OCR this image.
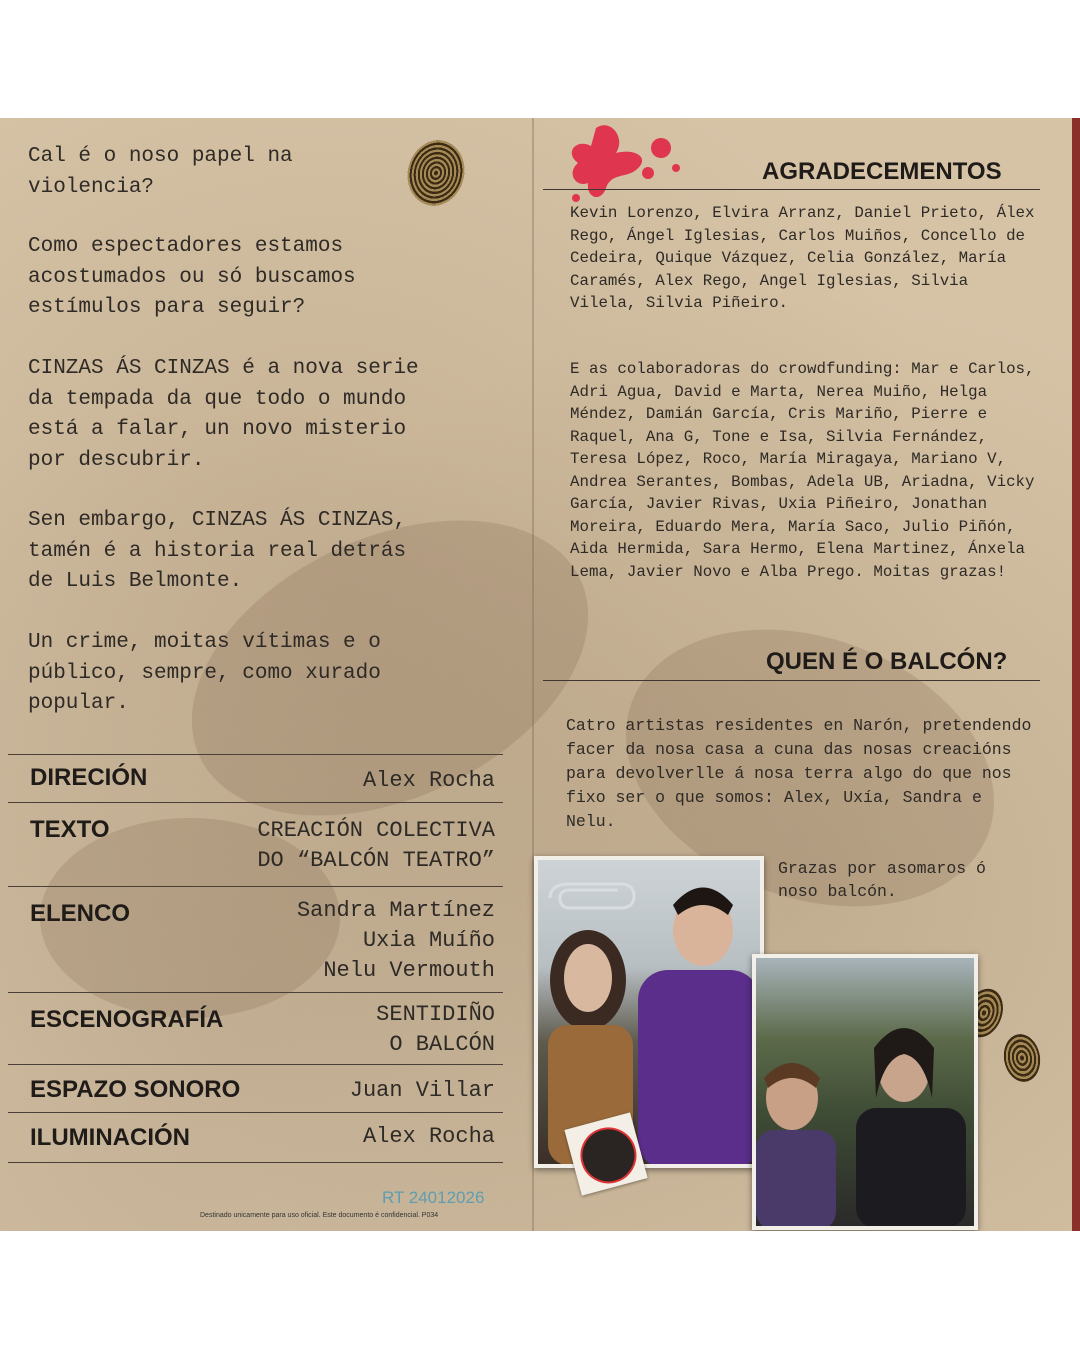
Cal é o noso papel na
violencia?

Como espectadores estamos
acostumados ou só buscamos
estímulos para seguir?

CINZAS ÁS CINZAS é a nova serie
da tempada da que todo o mundo
está a falar, un novo misterio
por descubrir.

Sen embargo, CINZAS ÁS CINZAS,
tamén é a historia real detrás
de Luis Belmonte.

Un crime, moitas vítimas e o
público, sempre, como xurado
popular.

DIRECIÓN	Alex Rocha
TEXTO	CREACIÓN COLECTIVA
DO “BALCÓN TEATRO”
ELENCO	Sandra Martínez
Uxia Muíño
Nelu Vermouth
ESCENOGRAFÍA	SENTIDIÑO
O BALCÓN
ESPAZO SONORO	Juan Villar
ILUMINACIÓN	Alex Rocha
RT 24012026
Destinado unicamente para uso oficial. Este documento é confidencial. P034
AGRADECEMENTOS

Kevin Lorenzo, Elvira Arranz, Daniel Prieto, Álex Rego, Ángel Iglesias, Carlos Muiños, Concello de Cedeira, Quique Vázquez, Celia González, María Caramés, Alex Rego, Angel Iglesias, Silvia Vilela, Silvia Piñeiro.

E as colaboradoras do crowdfunding: Mar e Carlos, Adri Agua, David e Marta, Nerea Muiño, Helga Méndez, Damián García, Cris Mariño, Pierre e Raquel, Ana G, Tone e Isa, Silvia Fernández, Teresa López, Roco, María Miragaya, Mariano V, Andrea Serantes, Bombas, Adela UB, Ariadna, Vicky García, Javier Rivas, Uxia Piñeiro, Jonathan Moreira, Eduardo Mera, María Saco, Julio Piñón, Aida Hermida, Sara Hermo, Elena Martinez, Ánxela Lema, Javier Novo e Alba Prego. Moitas grazas!

QUEN É O BALCÓN?

Catro artistas residentes en Narón, pretendendo facer da nosa casa a cuna das nosas creacións para devolverlle á nosa terra algo do que nos fixo ser o que somos: Alex, Uxía, Sandra e Nelu.

Grazas por asomaros ó
noso balcón.
